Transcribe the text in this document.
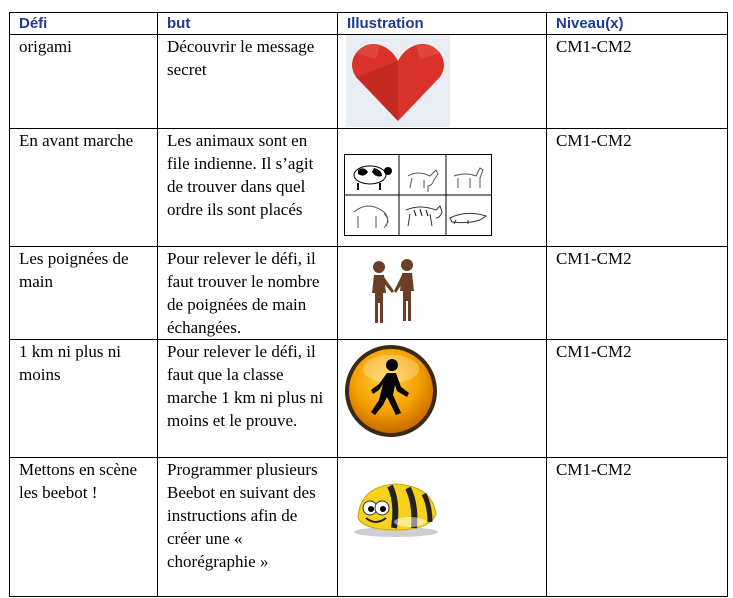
Défi	but	Illustration	Niveau(x)
origami	Découvrir le message secret		CM1-CM2
En avant marche	Les animaux sont en file indienne. Il s’agit de trouver dans quel ordre ils sont placés		CM1-CM2
Les poignées de main	Pour relever le défi, il faut trouver le nombre de poignées de main échangées.		CM1-CM2
1 km ni plus ni moins	Pour relever le défi, il faut que la classe marche 1 km ni plus ni moins et le prouve.		CM1-CM2
Mettons en scène les beebot !	Programmer plusieurs Beebot en suivant des instructions afin de créer une « chorégraphie »		CM1-CM2
